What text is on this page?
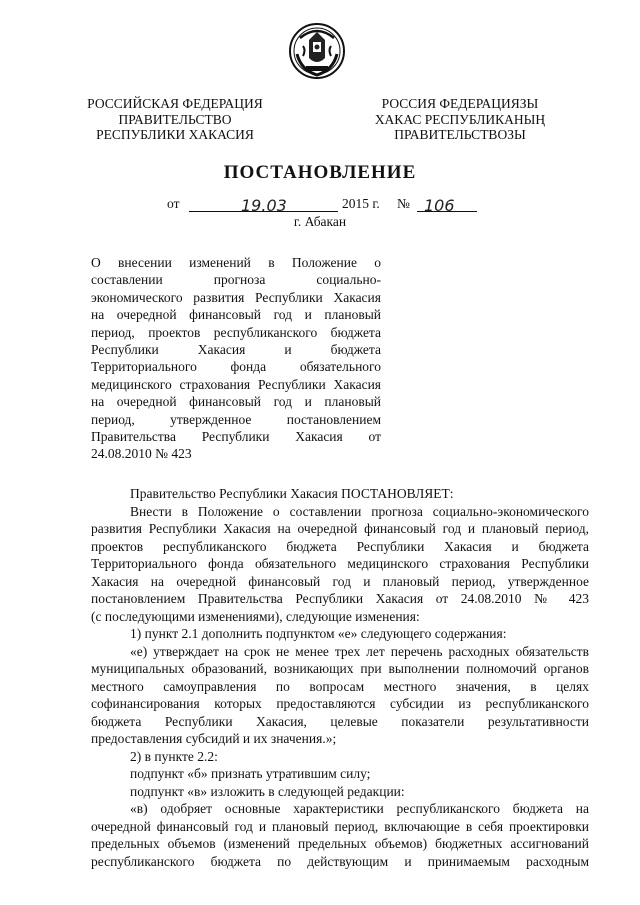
РОССИЙСКАЯ ФЕДЕРАЦИЯ
ПРАВИТЕЛЬСТВО
РЕСПУБЛИКИ ХАКАСИЯ
РОССИЯ ФЕДЕРАЦИЯЗЫ
ХАКАС РЕСПУБЛИКАНЫҢ
ПРАВИТЕЛЬСТВОЗЫ
ПОСТАНОВЛЕНИЕ
от	19.03	2015 г. № 106
г. Абакан
О внесении изменений в Положение о
составлении прогноза социально-
экономического развития Республики Хакасия
на очередной финансовый год и плановый
период, проектов республиканского бюджета
Республики Хакасия и бюджета
Территориального фонда обязательного
медицинского страхования Республики Хакасия
на очередной финансовый год и плановый
период, утвержденное постановлением
Правительства Республики Хакасия от
24.08.2010 № 423
Правительство Республики Хакасия ПОСТАНОВЛЯЕТ:
Внести в Положение о составлении прогноза социально-экономического
развития Республики Хакасия на очередной финансовый год и плановый период,
проектов республиканского бюджета Республики Хакасия и бюджета
Территориального фонда обязательного медицинского страхования Республики
Хакасия на очередной финансовый год и плановый период, утвержденное
постановлением Правительства Республики Хакасия от 24.08.2010 № 423
(с последующими изменениями), следующие изменения:
1) пункт 2.1 дополнить подпунктом «е» следующего содержания:
«е) утверждает на срок не менее трех лет перечень расходных обязательств
муниципальных образований, возникающих при выполнении полномочий органов
местного самоуправления по вопросам местного значения, в целях
софинансирования которых предоставляются субсидии из республиканского
бюджета Республики Хакасия, целевые показатели результативности
предоставления субсидий и их значения.»;
2) в пункте 2.2:
подпункт «б» признать утратившим силу;
подпункт «в» изложить в следующей редакции:
«в) одобряет основные характеристики республиканского бюджета на
очередной финансовый год и плановый период, включающие в себя проектировки
предельных объемов (изменений предельных объемов) бюджетных ассигнований
республиканского бюджета по действующим и принимаемым расходным
